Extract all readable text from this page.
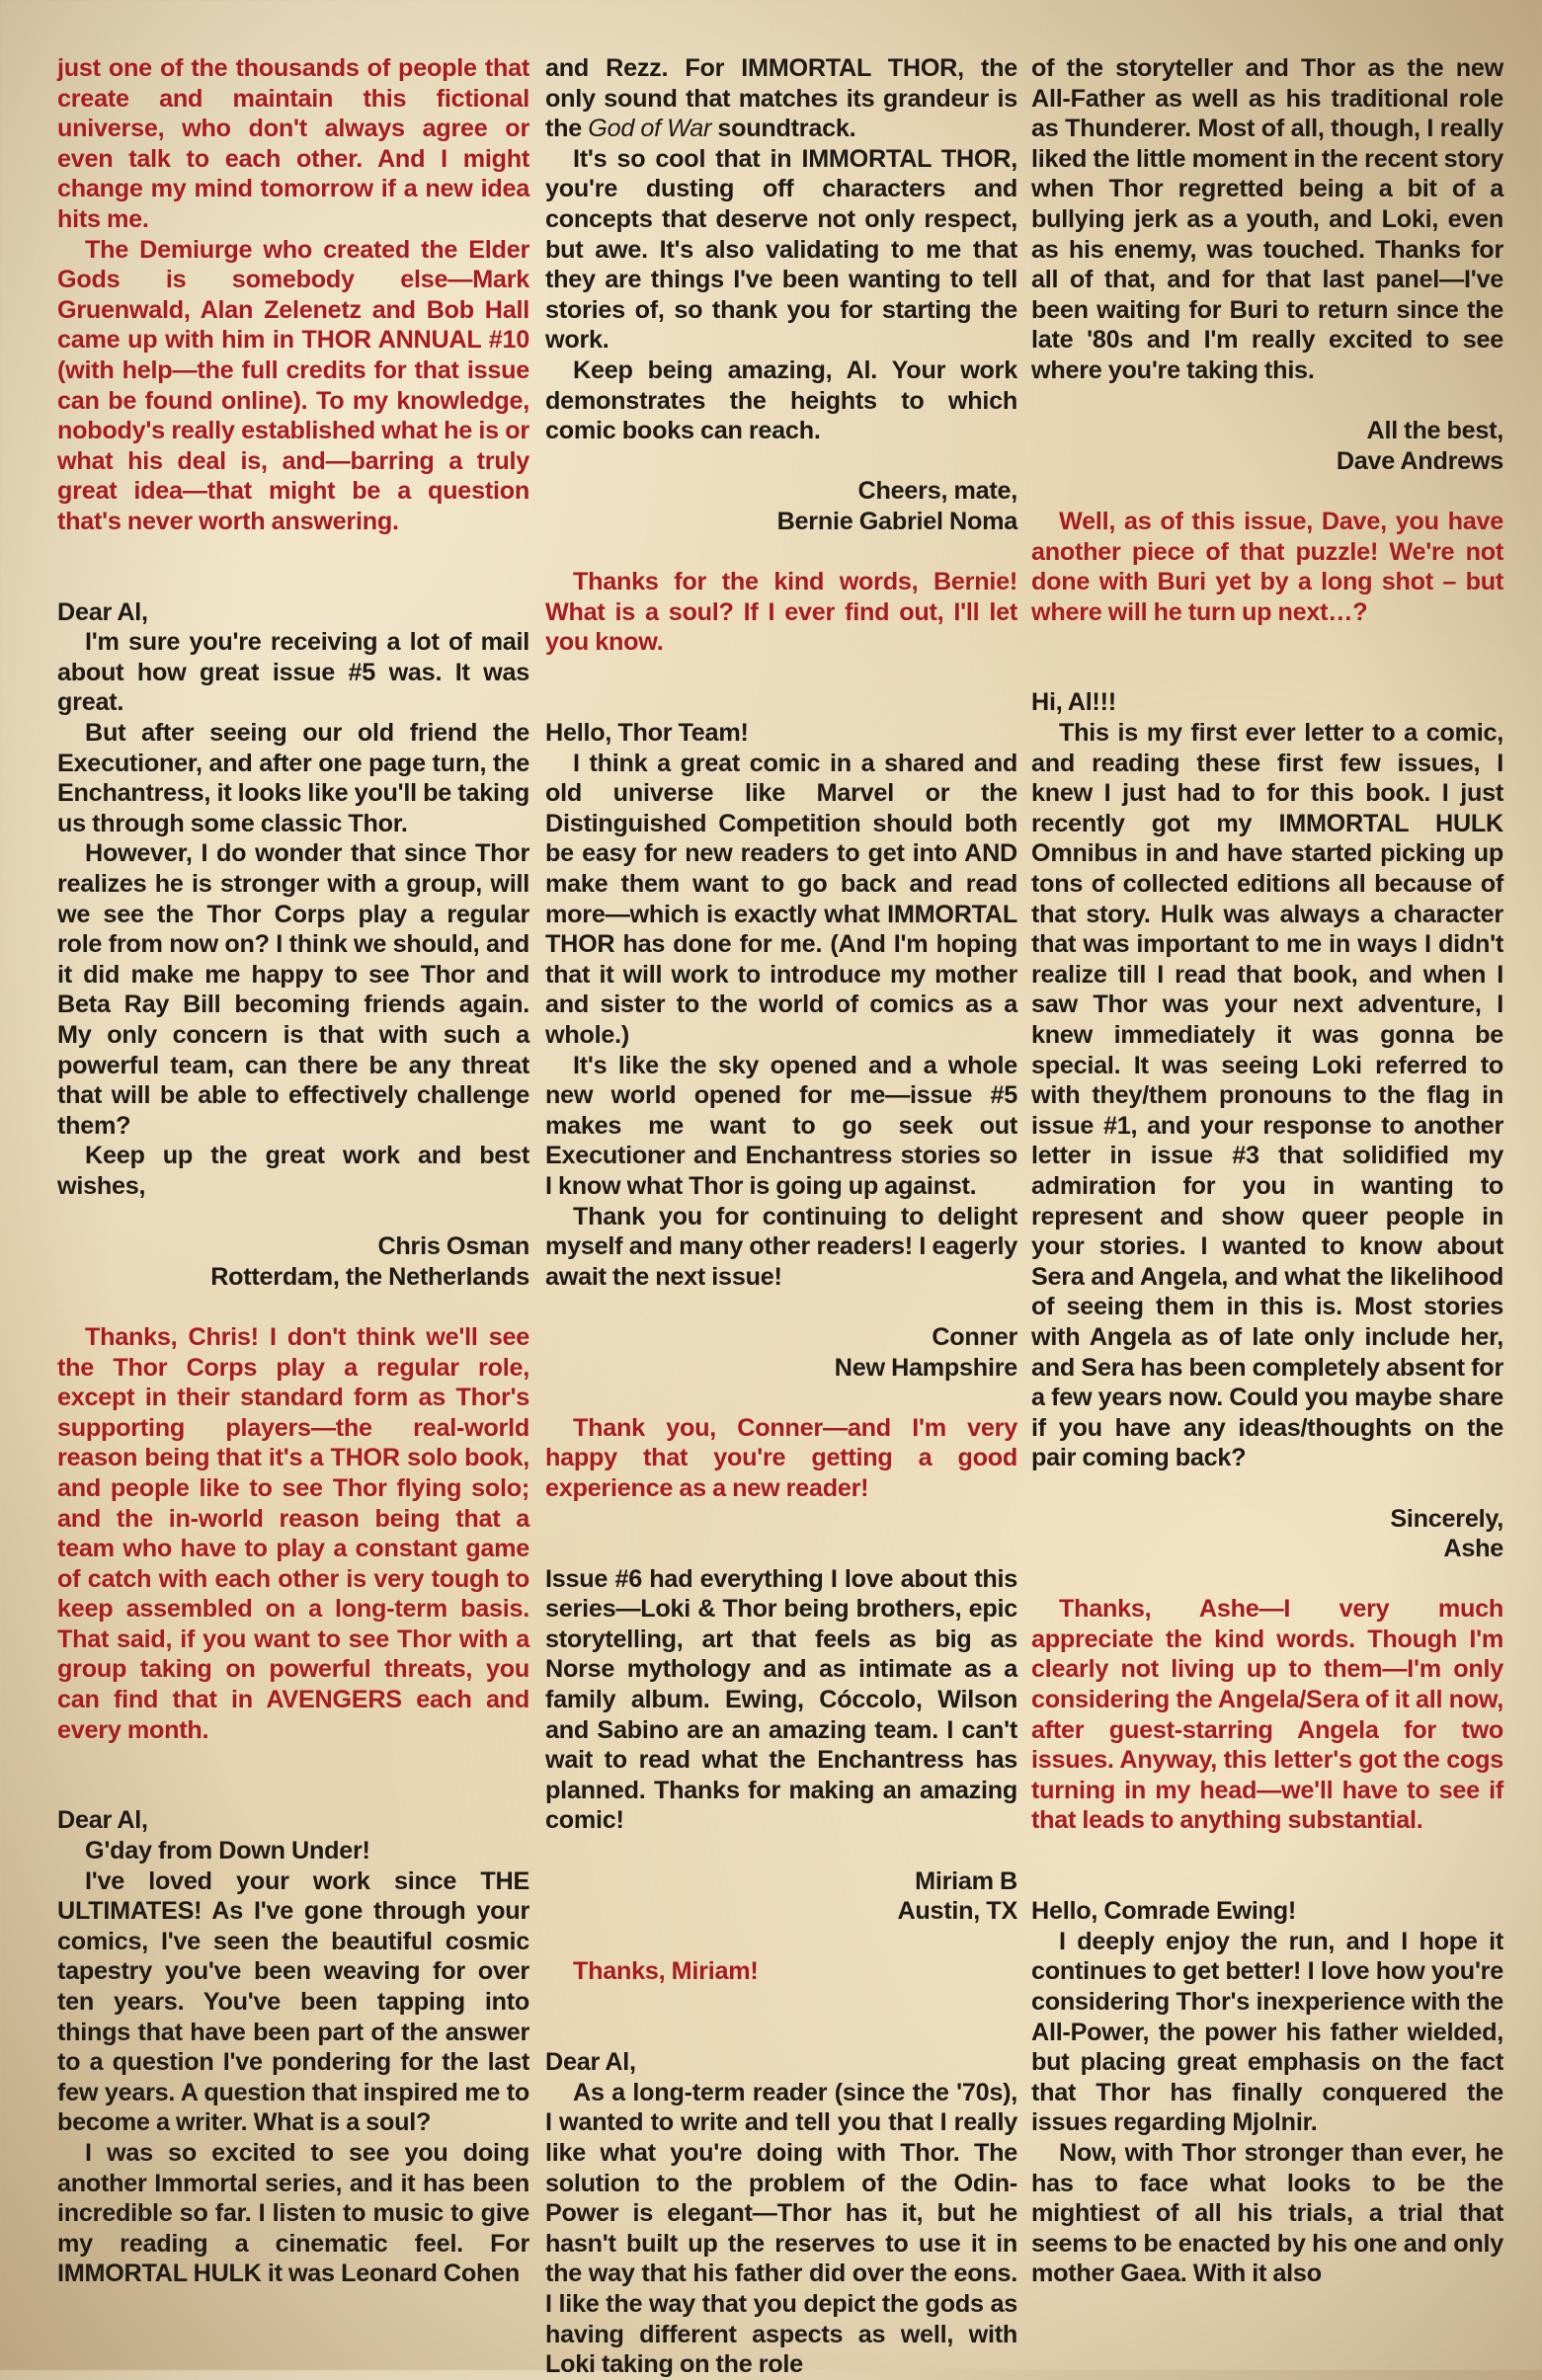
just one of the thousands of people that create and maintain this fictional universe, who don't always agree or even talk to each other. And I might change my mind tomorrow if a new idea hits me.

The Demiurge who created the Elder Gods is somebody else—Mark Gruenwald, Alan Zelenetz and Bob Hall came up with him in THOR ANNUAL #10 (with help—the full credits for that issue can be found online). To my knowledge, nobody's really established what he is or what his deal is, and—barring a truly great idea—that might be a question that's never worth answering.

Dear Al,

I'm sure you're receiving a lot of mail about how great issue #5 was. It was great.

But after seeing our old friend the Executioner, and after one page turn, the Enchantress, it looks like you'll be taking us through some classic Thor.

However, I do wonder that since Thor realizes he is stronger with a group, will we see the Thor Corps play a regular role from now on? I think we should, and it did make me happy to see Thor and Beta Ray Bill becoming friends again. My only concern is that with such a powerful team, can there be any threat that will be able to effectively challenge them?

Keep up the great work and best wishes,

Chris Osman

Rotterdam, the Netherlands

Thanks, Chris! I don't think we'll see the Thor Corps play a regular role, except in their standard form as Thor's supporting players—the real-world reason being that it's a THOR solo book, and people like to see Thor flying solo; and the in-world reason being that a team who have to play a constant game of catch with each other is very tough to keep assembled on a long-term basis. That said, if you want to see Thor with a group taking on powerful threats, you can find that in AVENGERS each and every month.

Dear Al,

G'day from Down Under!

I've loved your work since THE ULTIMATES! As I've gone through your comics, I've seen the beautiful cosmic tapestry you've been weaving for over ten years. You've been tapping into things that have been part of the answer to a question I've pondering for the last few years. A question that inspired me to become a writer. What is a soul?

I was so excited to see you doing another Immortal series, and it has been incredible so far. I listen to music to give my reading a cinematic feel. For IMMORTAL HULK it was Leonard Cohen

and Rezz. For IMMORTAL THOR, the only sound that matches its grandeur is the God of War soundtrack.

It's so cool that in IMMORTAL THOR, you're dusting off characters and concepts that deserve not only respect, but awe. It's also validating to me that they are things I've been wanting to tell stories of, so thank you for starting the work.

Keep being amazing, Al. Your work demonstrates the heights to which comic books can reach.

Cheers, mate,

Bernie Gabriel Noma

Thanks for the kind words, Bernie! What is a soul? If I ever find out, I'll let you know.

Hello, Thor Team!

I think a great comic in a shared and old universe like Marvel or the Distinguished Competition should both be easy for new readers to get into AND make them want to go back and read more—which is exactly what IMMORTAL THOR has done for me. (And I'm hoping that it will work to introduce my mother and sister to the world of comics as a whole.)

It's like the sky opened and a whole new world opened for me—issue #5 makes me want to go seek out Executioner and Enchantress stories so I know what Thor is going up against.

Thank you for continuing to delight myself and many other readers! I eagerly await the next issue!

Conner

New Hampshire

Thank you, Conner—and I'm very happy that you're getting a good experience as a new reader!

Issue #6 had everything I love about this series—Loki & Thor being brothers, epic storytelling, art that feels as big as Norse mythology and as intimate as a family album. Ewing, Cóccolo, Wilson and Sabino are an amazing team. I can't wait to read what the Enchantress has planned. Thanks for making an amazing comic!

Miriam B

Austin, TX

Thanks, Miriam!

Dear Al,

As a long-term reader (since the '70s), I wanted to write and tell you that I really like what you're doing with Thor. The solution to the problem of the Odin-Power is elegant—Thor has it, but he hasn't built up the reserves to use it in the way that his father did over the eons. I like the way that you depict the gods as having different aspects as well, with Loki taking on the role

of the storyteller and Thor as the new All-Father as well as his traditional role as Thunderer. Most of all, though, I really liked the little moment in the recent story when Thor regretted being a bit of a bullying jerk as a youth, and Loki, even as his enemy, was touched. Thanks for all of that, and for that last panel—I've been waiting for Buri to return since the late '80s and I'm really excited to see where you're taking this.

All the best,

Dave Andrews

Well, as of this issue, Dave, you have another piece of that puzzle! We're not done with Buri yet by a long shot – but where will he turn up next…?

Hi, Al!!!

This is my first ever letter to a comic, and reading these first few issues, I knew I just had to for this book. I just recently got my IMMORTAL HULK Omnibus in and have started picking up tons of collected editions all because of that story. Hulk was always a character that was important to me in ways I didn't realize till I read that book, and when I saw Thor was your next adventure, I knew immediately it was gonna be special. It was seeing Loki referred to with they/them pronouns to the flag in issue #1, and your response to another letter in issue #3 that solidified my admiration for you in wanting to represent and show queer people in your stories. I wanted to know about Sera and Angela, and what the likelihood of seeing them in this is. Most stories with Angela as of late only include her, and Sera has been completely absent for a few years now. Could you maybe share if you have any ideas/thoughts on the pair coming back?

Sincerely,

Ashe

Thanks, Ashe—I very much appreciate the kind words. Though I'm clearly not living up to them—I'm only considering the Angela/Sera of it all now, after guest-starring Angela for two issues. Anyway, this letter's got the cogs turning in my head—we'll have to see if that leads to anything substantial.

Hello, Comrade Ewing!

I deeply enjoy the run, and I hope it continues to get better! I love how you're considering Thor's inexperience with the All-Power, the power his father wielded, but placing great emphasis on the fact that Thor has finally conquered the issues regarding Mjolnir.

Now, with Thor stronger than ever, he has to face what looks to be the mightiest of all his trials, a trial that seems to be enacted by his one and only mother Gaea. With it also
